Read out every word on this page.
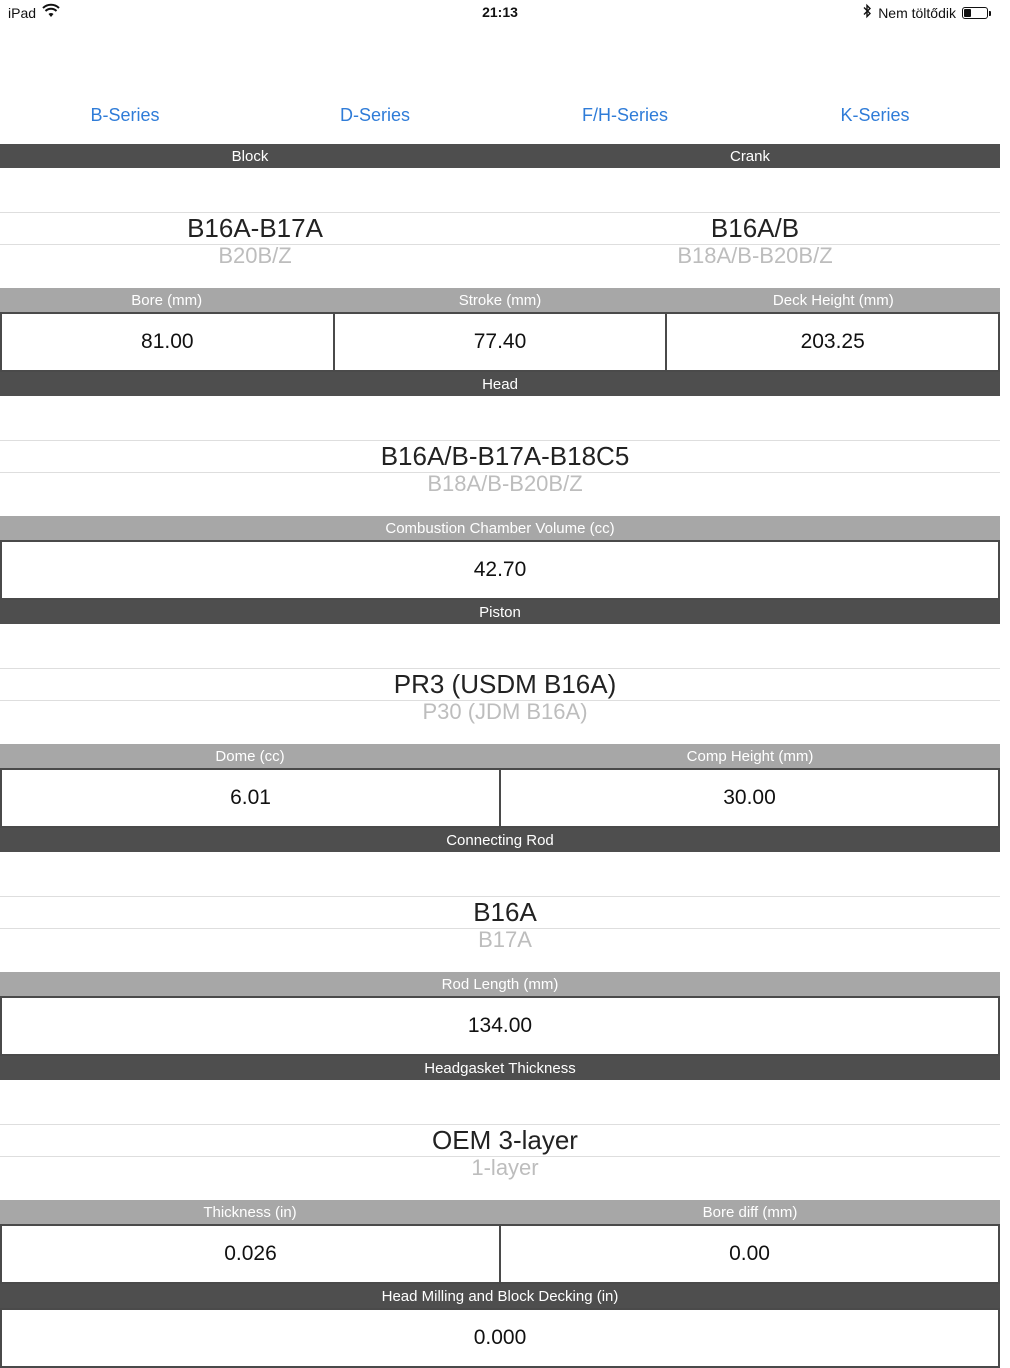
iPad	21:13	Nem töltődik
B-Series	D-Series	F/H-Series	K-Series
Block	Crank
B16A-B17A
B20B/Z
B16A/B
B18A/B-B20B/Z
Bore (mm)	Stroke (mm)	Deck Height (mm)
81.00	77.40	203.25
Head
B16A/B-B17A-B18C5
B18A/B-B20B/Z
Combustion Chamber Volume (cc)
42.70
Piston
PR3 (USDM B16A)
P30 (JDM B16A)
Dome (cc)	Comp Height (mm)
6.01	30.00
Connecting Rod
B16A
B17A
Rod Length (mm)
134.00
Headgasket Thickness
OEM 3-layer
1-layer
Thickness (in)	Bore diff (mm)
0.026	0.00
Head Milling and Block Decking (in)
0.000
